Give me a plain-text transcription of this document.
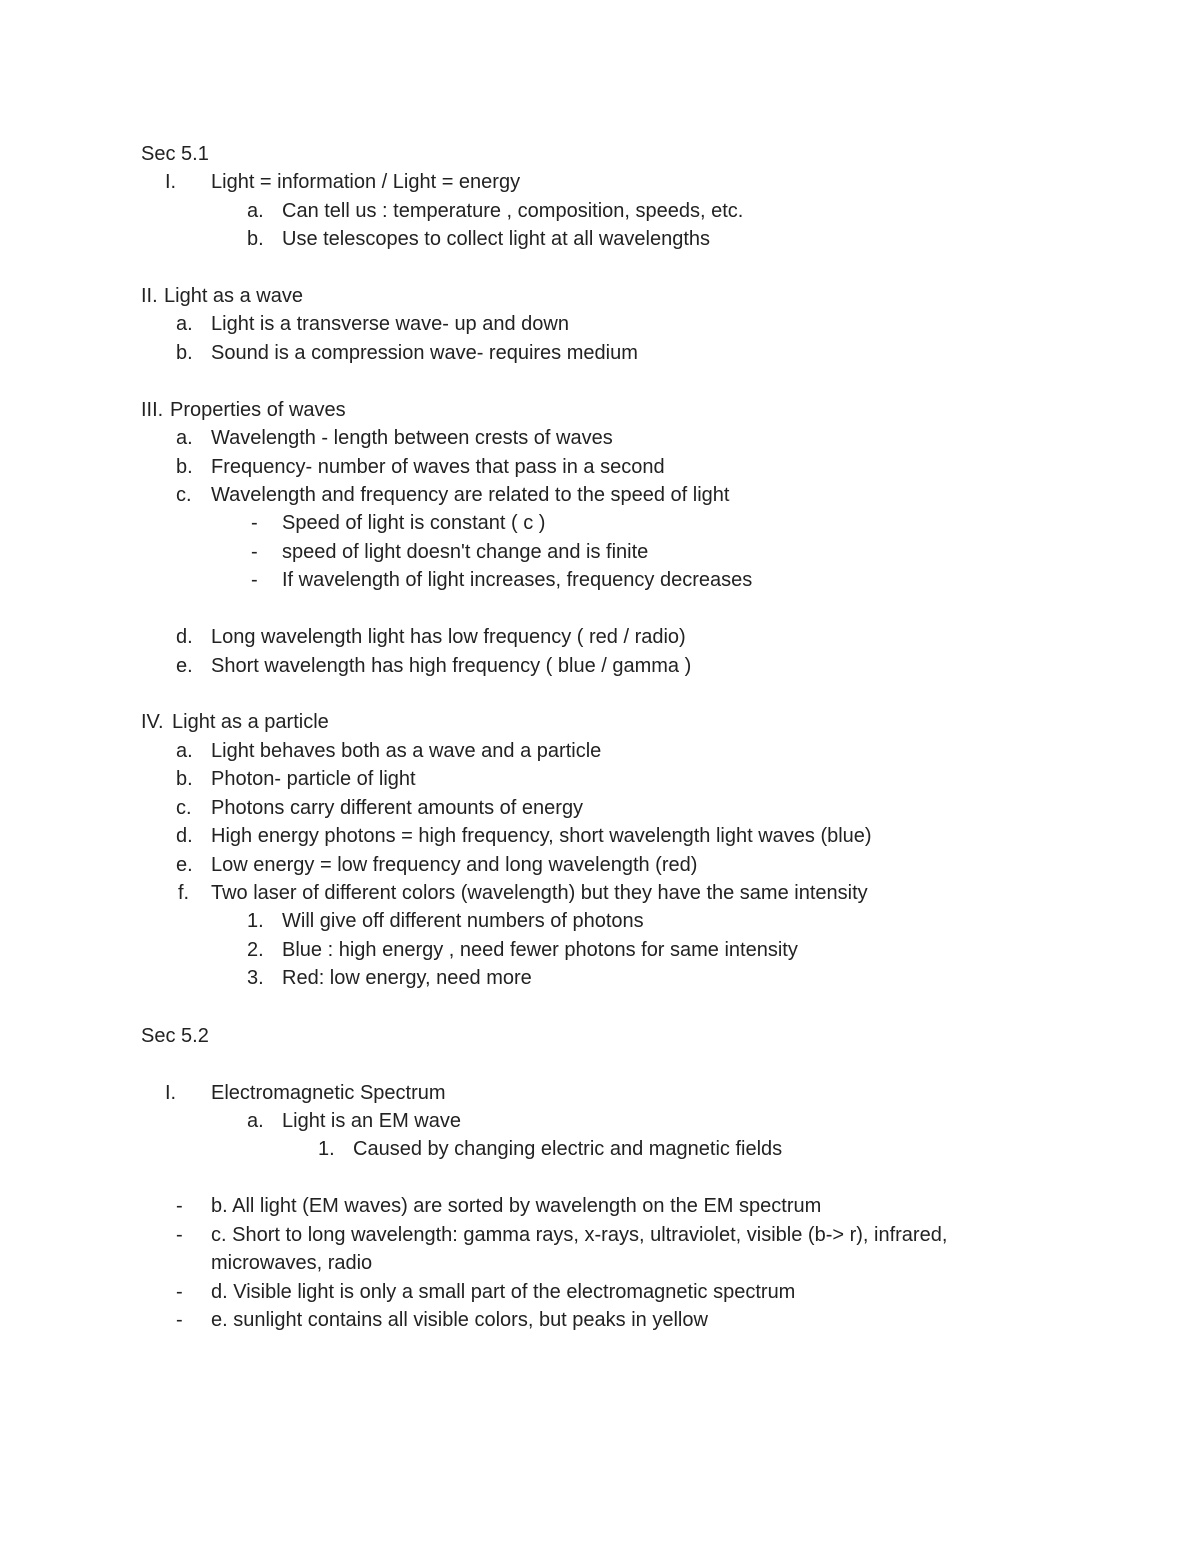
Sec 5.1
I. Light = information / Light = energy
a. Can tell us : temperature , composition, speeds, etc.
b. Use telescopes to collect light at all wavelengths
II. Light as a wave
a. Light is a transverse wave- up and down
b. Sound is a compression wave- requires medium
III. Properties of waves
a. Wavelength - length between crests of waves
b. Frequency- number of waves that pass in a second
c. Wavelength and frequency are related to the speed of light
- Speed of light is constant ( c )
- speed of light doesn't change and is finite
- If wavelength of light increases, frequency decreases
d. Long wavelength light has low frequency ( red / radio)
e. Short wavelength has high frequency ( blue / gamma )
IV. Light as a particle
a. Light behaves both as a wave and a particle
b. Photon- particle of light
c. Photons carry different amounts of energy
d. High energy photons = high frequency, short wavelength light waves (blue)
e. Low energy = low frequency and long wavelength (red)
f. Two laser of different colors (wavelength) but they have the same intensity
1. Will give off different numbers of photons
2. Blue : high energy , need fewer photons for same intensity
3. Red: low energy, need more
Sec 5.2
I. Electromagnetic Spectrum
a. Light is an EM wave
1. Caused by changing electric and magnetic fields
- b. All light (EM waves) are sorted by wavelength on the EM spectrum
- c. Short to long wavelength: gamma rays, x-rays, ultraviolet, visible (b-> r), infrared,
microwaves, radio
- d. Visible light is only a small part of the electromagnetic spectrum
- e. sunlight contains all visible colors, but peaks in yellow
